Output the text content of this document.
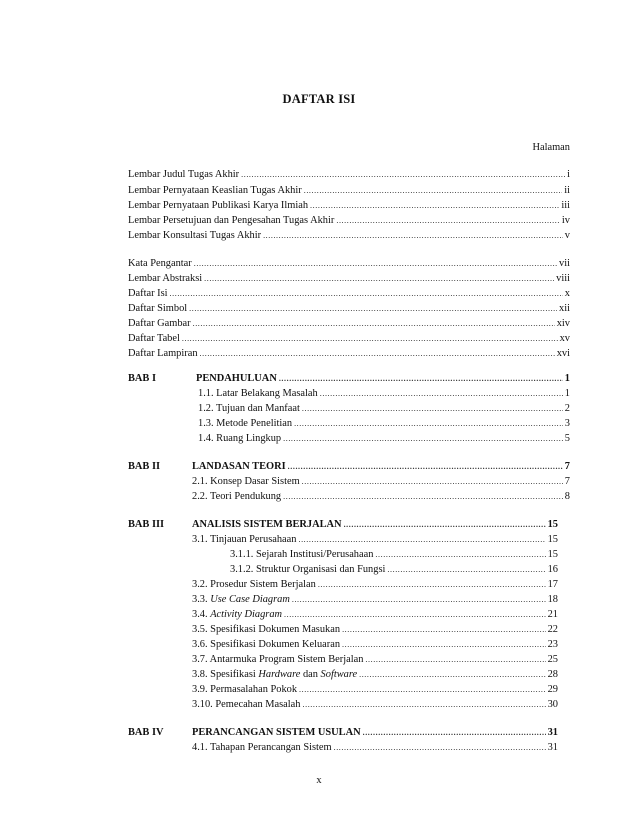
DAFTAR ISI
Halaman
Lembar Judul Tugas Akhir .....	i
Lembar Pernyataan Keaslian Tugas Akhir .....	ii
Lembar Pernyataan Publikasi Karya Ilmiah .....	iii
Lembar Persetujuan dan Pengesahan Tugas Akhir .....	iv
Lembar Konsultasi Tugas Akhir .....	v
Kata Pengantar .....	vii
Lembar Abstraksi .....	viii
Daftar Isi .....	x
Daftar Simbol .....	xii
Daftar Gambar .....	xiv
Daftar Tabel .....	xv
Daftar Lampiran .....	xvi
BAB I	PENDAHULUAN .....	1
1.1. Latar Belakang Masalah .....	1
1.2. Tujuan dan Manfaat .....	2
1.3. Metode Penelitian .....	3
1.4. Ruang Lingkup .....	5
BAB II	LANDASAN TEORI .....	7
2.1. Konsep Dasar Sistem .....	7
2.2. Teori Pendukung .....	8
BAB III	ANALISIS SISTEM BERJALAN .....	15
3.1. Tinjauan Perusahaan .....	15
3.1.1. Sejarah Institusi/Perusahaan .....	15
3.1.2. Struktur Organisasi dan Fungsi .....	16
3.2. Prosedur Sistem Berjalan .....	17
3.3. Use Case Diagram .....	18
3.4. Activity Diagram .....	21
3.5. Spesifikasi Dokumen Masukan .....	22
3.6. Spesifikasi Dokumen Keluaran .....	23
3.7. Antarmuka Program Sistem Berjalan .....	25
3.8. Spesifikasi Hardware dan Software .....	28
3.9. Permasalahan Pokok .....	29
3.10. Pemecahan Masalah .....	30
BAB IV	PERANCANGAN SISTEM USULAN .....	31
4.1. Tahapan Perancangan Sistem .....	31
x
